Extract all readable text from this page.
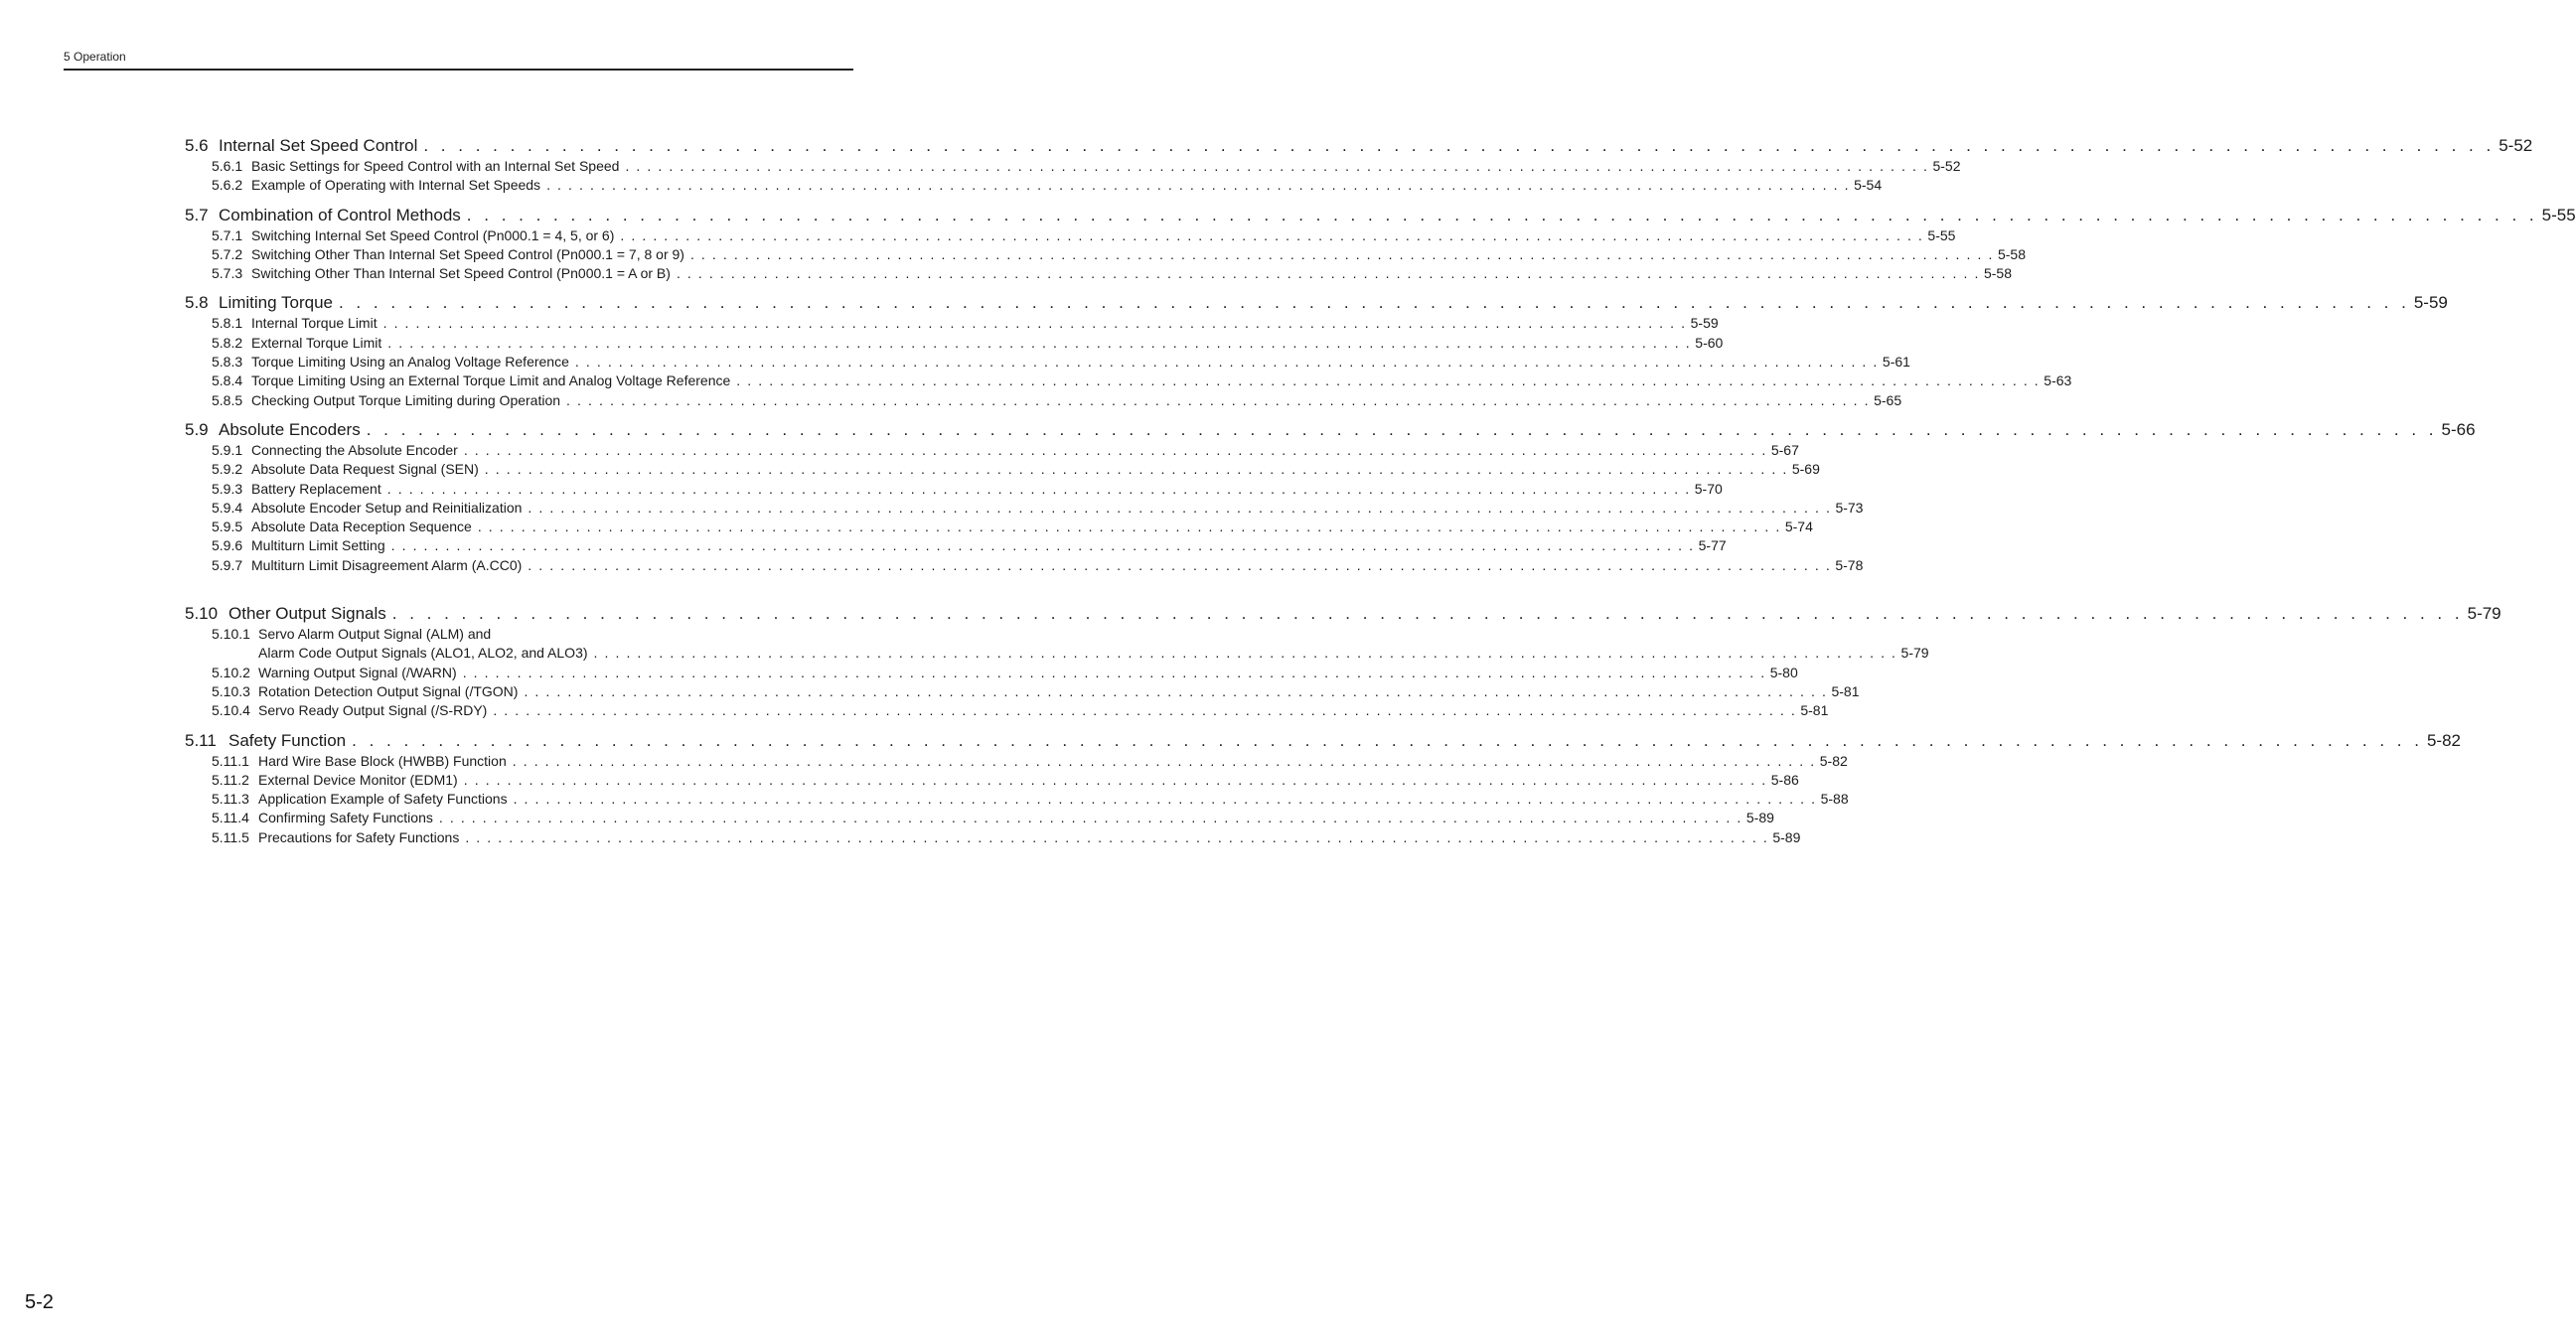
5 Operation
5.6 Internal Set Speed Control . . . . . . . . . . . . . . . . . . . . . . . . . . . . . . . . . . . . . . . . . . . . . . . . . . . . . . . . . . . . . . . . . . . . . . . . . . . . . . . . . . . . . . . . . . . . . . . . . . . . . . . . . . . . . . . . . . . . . . . . 5-52
5.6.1 Basic Settings for Speed Control with an Internal Set Speed . . . . . . . . . . . . . . . . . . . . . . . . . . . . . . . . . . . . . . . . . . . . . . . . . . . . . . . . . . . . . . . . . . . . . . . . . . . . . . . . . . . . . . . . . . . . . . . . . . . . . . . . . . . . . . . . . . . . . . . . 5-52
5.6.2 Example of Operating with Internal Set Speeds . . . . . . . . . . . . . . . . . . . . . . . . . . . . . . . . . . . . . . . . . . . . . . . . . . . . . . . . . . . . . . . . . . . . . . . . . . . . . . . . . . . . . . . . . . . . . . . . . . . . . . . . . . . . . . . . . . . . . . . . 5-54
5.7 Combination of Control Methods . . . . . . . . . . . . . . . . . . . . . . . . . . . . . . . . . . . . . . . . . . . . . . . . . . . . . . . . . . . . . . . . . . . . . . . . . . . . . . . . . . . . . . . . . . . . . . . . . . . . . . . . . . . . . . . . . . . . . . . . 5-55
5.7.1 Switching Internal Set Speed Control (Pn000.1 = 4, 5, or 6) . . . . . . . . . . . . . . . . . . . . . . . . . . . . . . . . . . . . . . . . . . . . . . . . . . . . . . . . . . . . . . . . . . . . . . . . . . . . . . . . . . . . . . . . . . . . . . . . . . . . . . . . . . . . . . . . . . . . . . . . 5-55
5.7.2 Switching Other Than Internal Set Speed Control (Pn000.1 = 7, 8 or 9) . . . . . . . . . . . . . . . . . . . . . . . . . . . . . . . . . . . . . . . . . . . . . . . . . . . . . . . . . . . . . . . . . . . . . . . . . . . . . . . . . . . . . . . . . . . . . . . . . . . . . . . . . . . . . . . . . . . . . . . . 5-58
5.7.3 Switching Other Than Internal Set Speed Control (Pn000.1 = A or B) . . . . . . . . . . . . . . . . . . . . . . . . . . . . . . . . . . . . . . . . . . . . . . . . . . . . . . . . . . . . . . . . . . . . . . . . . . . . . . . . . . . . . . . . . . . . . . . . . . . . . . . . . . . . . . . . . . . . . . . . 5-58
5.8 Limiting Torque . . . . . . . . . . . . . . . . . . . . . . . . . . . . . . . . . . . . . . . . . . . . . . . . . . . . . . . . . . . . . . . . . . . . . . . . . . . . . . . . . . . . . . . . . . . . . . . . . . . . . . . . . . . . . . . . . . . . . . . . 5-59
5.8.1 Internal Torque Limit . . . . . . . . . . . . . . . . . . . . . . . . . . . . . . . . . . . . . . . . . . . . . . . . . . . . . . . . . . . . . . . . . . . . . . . . . . . . . . . . . . . . . . . . . . . . . . . . . . . . . . . . . . . . . . . . . . . . . . . . 5-59
5.8.2 External Torque Limit . . . . . . . . . . . . . . . . . . . . . . . . . . . . . . . . . . . . . . . . . . . . . . . . . . . . . . . . . . . . . . . . . . . . . . . . . . . . . . . . . . . . . . . . . . . . . . . . . . . . . . . . . . . . . . . . . . . . . . . . 5-60
5.8.3 Torque Limiting Using an Analog Voltage Reference . . . . . . . . . . . . . . . . . . . . . . . . . . . . . . . . . . . . . . . . . . . . . . . . . . . . . . . . . . . . . . . . . . . . . . . . . . . . . . . . . . . . . . . . . . . . . . . . . . . . . . . . . . . . . . . . . . . . . . . . 5-61
5.8.4 Torque Limiting Using an External Torque Limit and Analog Voltage Reference . . . . . . . . . . . . . . . . . . . . . . . . . . . . . . . . . . . . . . . . . . . . . . . . . . . . . . . . . . . . . . . . . . . . . . . . . . . . . . . . . . . . . . . . . . . . . . . . . . . . . . . . . . . . . . . . . . . . . . . . 5-63
5.8.5 Checking Output Torque Limiting during Operation . . . . . . . . . . . . . . . . . . . . . . . . . . . . . . . . . . . . . . . . . . . . . . . . . . . . . . . . . . . . . . . . . . . . . . . . . . . . . . . . . . . . . . . . . . . . . . . . . . . . . . . . . . . . . . . . . . . . . . . . 5-65
5.9 Absolute Encoders . . . . . . . . . . . . . . . . . . . . . . . . . . . . . . . . . . . . . . . . . . . . . . . . . . . . . . . . . . . . . . . . . . . . . . . . . . . . . . . . . . . . . . . . . . . . . . . . . . . . . . . . . . . . . . . . . . . . . . . . 5-66
5.9.1 Connecting the Absolute Encoder . . . . . . . . . . . . . . . . . . . . . . . . . . . . . . . . . . . . . . . . . . . . . . . . . . . . . . . . . . . . . . . . . . . . . . . . . . . . . . . . . . . . . . . . . . . . . . . . . . . . . . . . . . . . . . . . . . . . . . . . 5-67
5.9.2 Absolute Data Request Signal (SEN) . . . . . . . . . . . . . . . . . . . . . . . . . . . . . . . . . . . . . . . . . . . . . . . . . . . . . . . . . . . . . . . . . . . . . . . . . . . . . . . . . . . . . . . . . . . . . . . . . . . . . . . . . . . . . . . . . . . . . . . . 5-69
5.9.3 Battery Replacement . . . . . . . . . . . . . . . . . . . . . . . . . . . . . . . . . . . . . . . . . . . . . . . . . . . . . . . . . . . . . . . . . . . . . . . . . . . . . . . . . . . . . . . . . . . . . . . . . . . . . . . . . . . . . . . . . . . . . . . . 5-70
5.9.4 Absolute Encoder Setup and Reinitialization . . . . . . . . . . . . . . . . . . . . . . . . . . . . . . . . . . . . . . . . . . . . . . . . . . . . . . . . . . . . . . . . . . . . . . . . . . . . . . . . . . . . . . . . . . . . . . . . . . . . . . . . . . . . . . . . . . . . . . . . 5-73
5.9.5 Absolute Data Reception Sequence . . . . . . . . . . . . . . . . . . . . . . . . . . . . . . . . . . . . . . . . . . . . . . . . . . . . . . . . . . . . . . . . . . . . . . . . . . . . . . . . . . . . . . . . . . . . . . . . . . . . . . . . . . . . . . . . . . . . . . . . 5-74
5.9.6 Multiturn Limit Setting . . . . . . . . . . . . . . . . . . . . . . . . . . . . . . . . . . . . . . . . . . . . . . . . . . . . . . . . . . . . . . . . . . . . . . . . . . . . . . . . . . . . . . . . . . . . . . . . . . . . . . . . . . . . . . . . . . . . . . . . 5-77
5.9.7 Multiturn Limit Disagreement Alarm (A.CC0) . . . . . . . . . . . . . . . . . . . . . . . . . . . . . . . . . . . . . . . . . . . . . . . . . . . . . . . . . . . . . . . . . . . . . . . . . . . . . . . . . . . . . . . . . . . . . . . . . . . . . . . . . . . . . . . . . . . . . . . . 5-78
5.10 Other Output Signals . . . . . . . . . . . . . . . . . . . . . . . . . . . . . . . . . . . . . . . . . . . . . . . . . . . . . . . . . . . . . . . . . . . . . . . . . . . . . . . . . . . . . . . . . . . . . . . . . . . . . . . . . . . . . . . . . . . . . . . . 5-79
5.10.1 Servo Alarm Output Signal (ALM) and
Alarm Code Output Signals (ALO1, ALO2, and ALO3) . . . . . . . . . . . . . . . . . . . . . . . . . . . . . . . . . . . . . . . . . . . . . . . . . . . . . . . . . . . . . . . . . . . . . . . . . . . . . . . . . . . . . . . . . . . . . . . . . . . . . . . . . . . . . . . . . . . . . . . . 5-79
5.10.2 Warning Output Signal (/WARN) . . . . . . . . . . . . . . . . . . . . . . . . . . . . . . . . . . . . . . . . . . . . . . . . . . . . . . . . . . . . . . . . . . . . . . . . . . . . . . . . . . . . . . . . . . . . . . . . . . . . . . . . . . . . . . . . . . . . . . . . 5-80
5.10.3 Rotation Detection Output Signal (/TGON) . . . . . . . . . . . . . . . . . . . . . . . . . . . . . . . . . . . . . . . . . . . . . . . . . . . . . . . . . . . . . . . . . . . . . . . . . . . . . . . . . . . . . . . . . . . . . . . . . . . . . . . . . . . . . . . . . . . . . . . . 5-81
5.10.4 Servo Ready Output Signal (/S-RDY) . . . . . . . . . . . . . . . . . . . . . . . . . . . . . . . . . . . . . . . . . . . . . . . . . . . . . . . . . . . . . . . . . . . . . . . . . . . . . . . . . . . . . . . . . . . . . . . . . . . . . . . . . . . . . . . . . . . . . . . . 5-81
5.11 Safety Function . . . . . . . . . . . . . . . . . . . . . . . . . . . . . . . . . . . . . . . . . . . . . . . . . . . . . . . . . . . . . . . . . . . . . . . . . . . . . . . . . . . . . . . . . . . . . . . . . . . . . . . . . . . . . . . . . . . . . . . . 5-82
5.11.1 Hard Wire Base Block (HWBB) Function . . . . . . . . . . . . . . . . . . . . . . . . . . . . . . . . . . . . . . . . . . . . . . . . . . . . . . . . . . . . . . . . . . . . . . . . . . . . . . . . . . . . . . . . . . . . . . . . . . . . . . . . . . . . . . . . . . . . . . . . 5-82
5.11.2 External Device Monitor (EDM1) . . . . . . . . . . . . . . . . . . . . . . . . . . . . . . . . . . . . . . . . . . . . . . . . . . . . . . . . . . . . . . . . . . . . . . . . . . . . . . . . . . . . . . . . . . . . . . . . . . . . . . . . . . . . . . . . . . . . . . . . 5-86
5.11.3 Application Example of Safety Functions . . . . . . . . . . . . . . . . . . . . . . . . . . . . . . . . . . . . . . . . . . . . . . . . . . . . . . . . . . . . . . . . . . . . . . . . . . . . . . . . . . . . . . . . . . . . . . . . . . . . . . . . . . . . . . . . . . . . . . . . 5-88
5.11.4 Confirming Safety Functions . . . . . . . . . . . . . . . . . . . . . . . . . . . . . . . . . . . . . . . . . . . . . . . . . . . . . . . . . . . . . . . . . . . . . . . . . . . . . . . . . . . . . . . . . . . . . . . . . . . . . . . . . . . . . . . . . . . . . . . . 5-89
5.11.5 Precautions for Safety Functions . . . . . . . . . . . . . . . . . . . . . . . . . . . . . . . . . . . . . . . . . . . . . . . . . . . . . . . . . . . . . . . . . . . . . . . . . . . . . . . . . . . . . . . . . . . . . . . . . . . . . . . . . . . . . . . . . . . . . . . . 5-89
5-2
